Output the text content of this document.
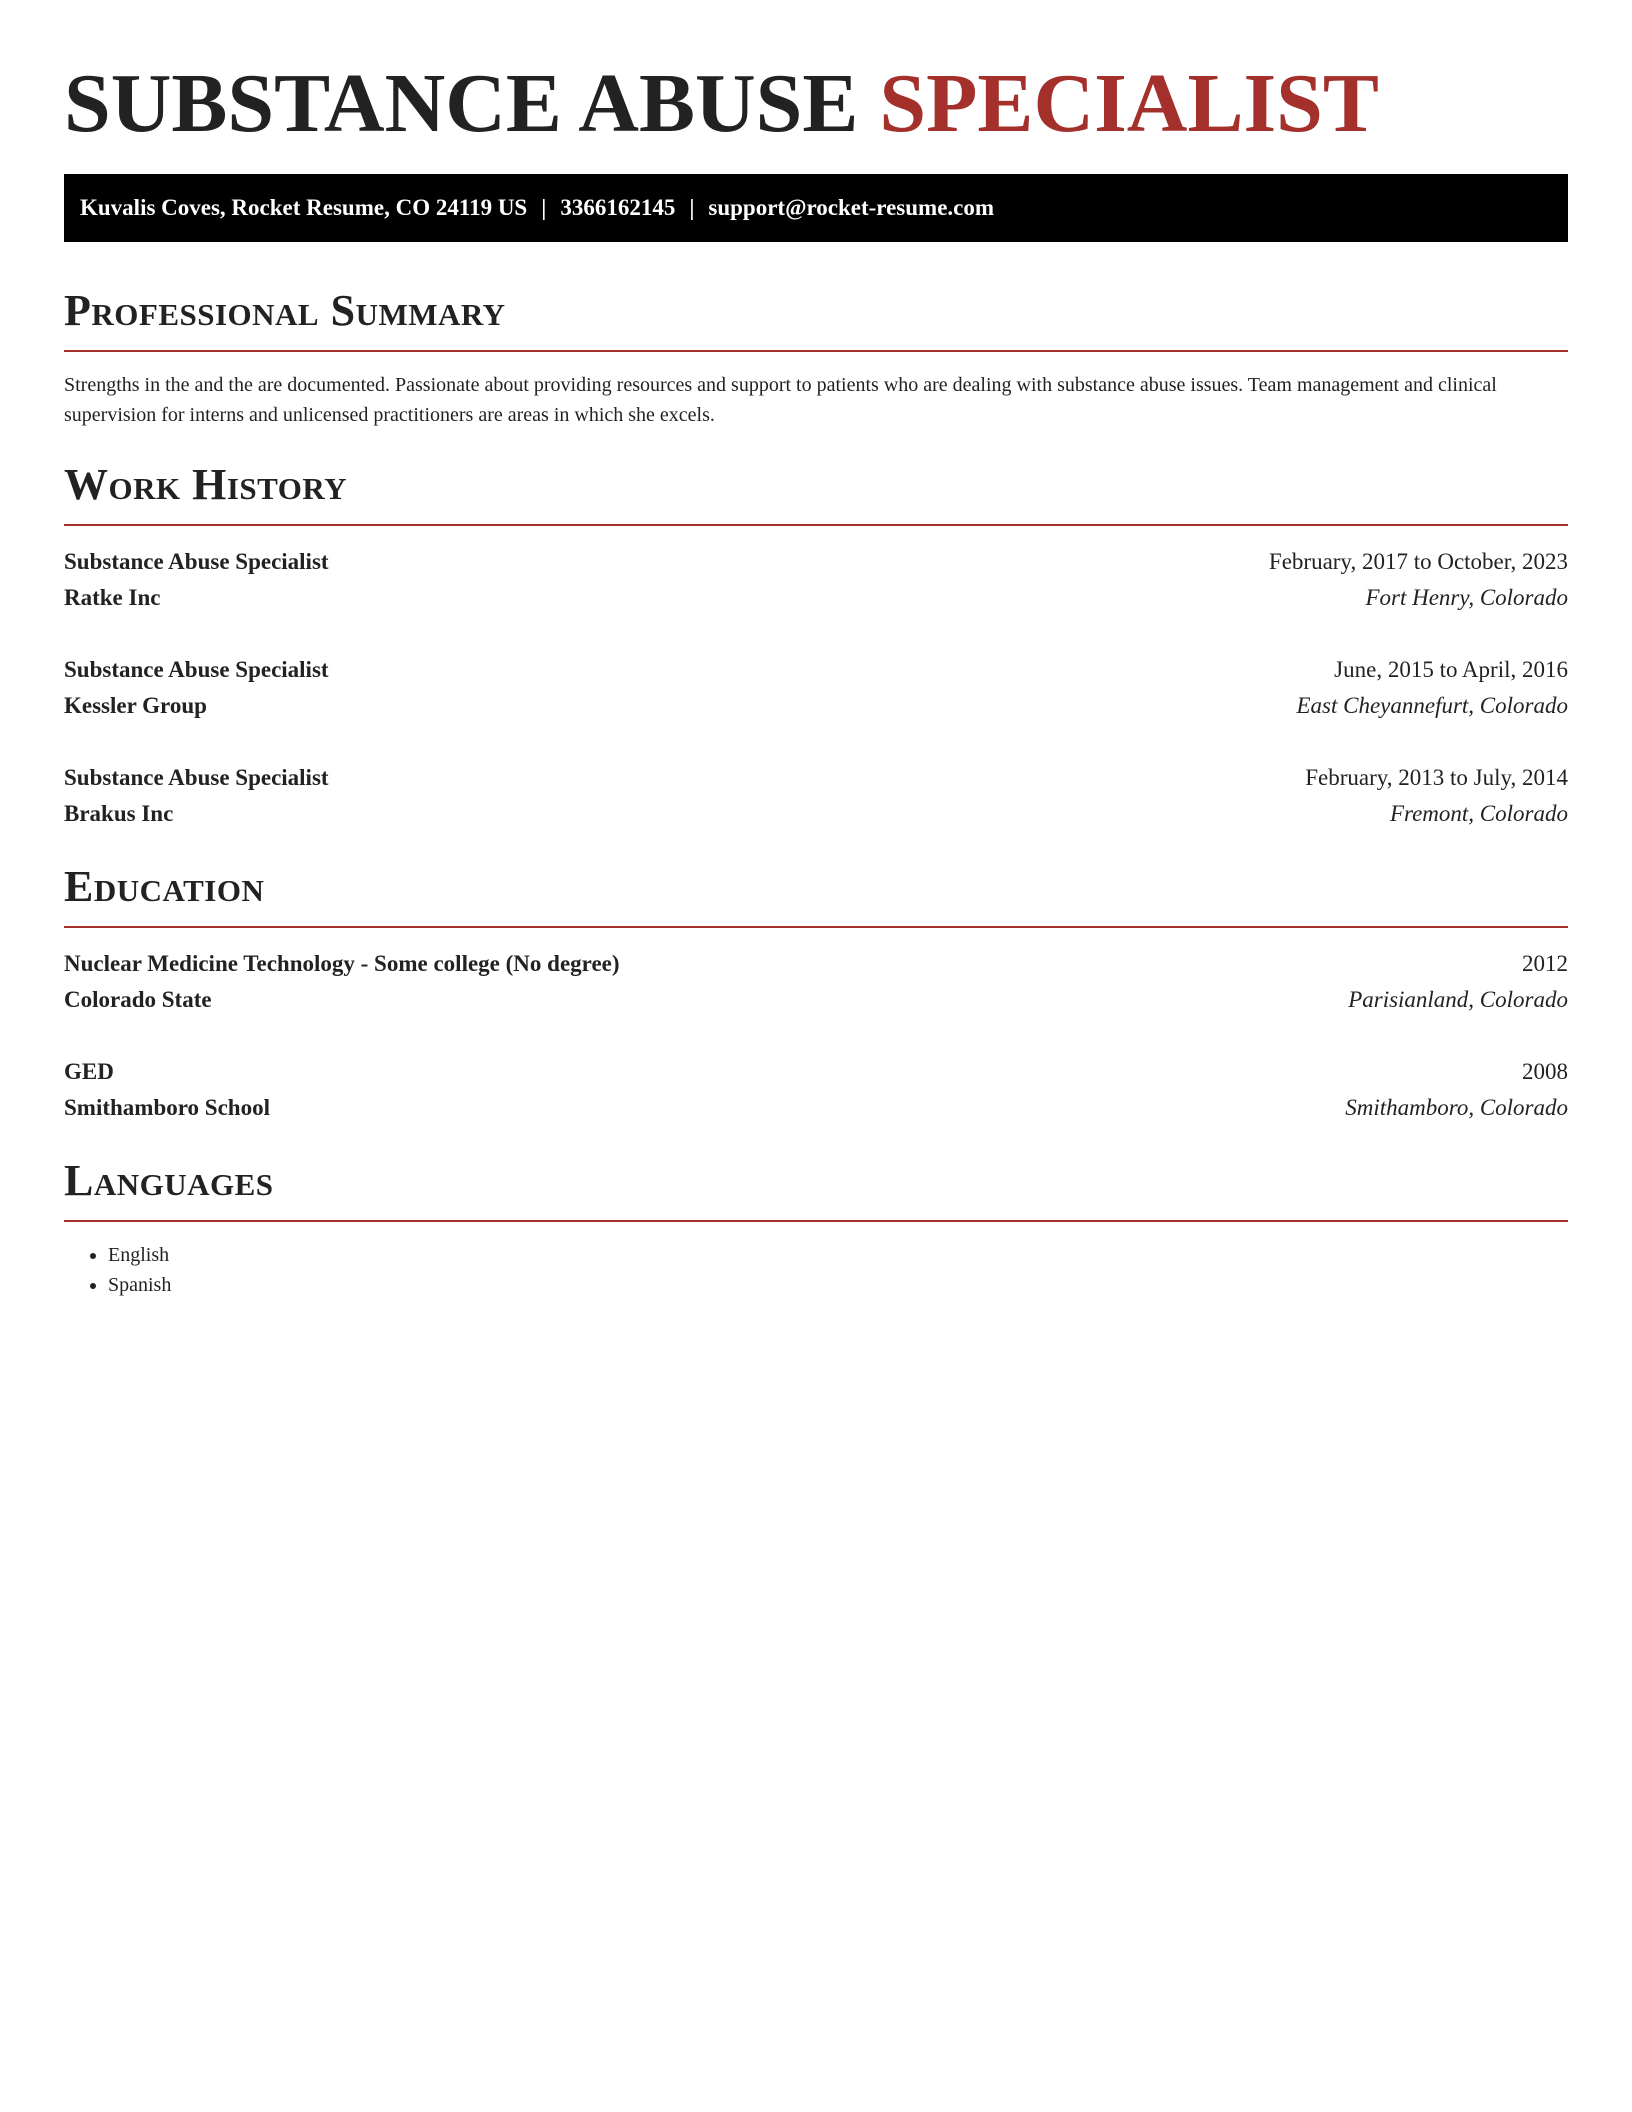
SUBSTANCE ABUSE SPECIALIST
Kuvalis Coves, Rocket Resume, CO 24119 US | 3366162145 | support@rocket-resume.com
Professional Summary

Strengths in the and the are documented. Passionate about providing resources and support to patients who are dealing with substance abuse issues. Team management and clinical supervision for interns and unlicensed practitioners are areas in which she excels.

Work History
Substance Abuse Specialist	February, 2017 to October, 2023
Ratke Inc	Fort Henry, Colorado
Substance Abuse Specialist	June, 2015 to April, 2016
Kessler Group	East Cheyannefurt, Colorado
Substance Abuse Specialist	February, 2013 to July, 2014
Brakus Inc	Fremont, Colorado
Education
Nuclear Medicine Technology - Some college (No degree)	2012
Colorado State	Parisianland, Colorado
GED	2008
Smithamboro School	Smithamboro, Colorado
Languages
• English
• Spanish
